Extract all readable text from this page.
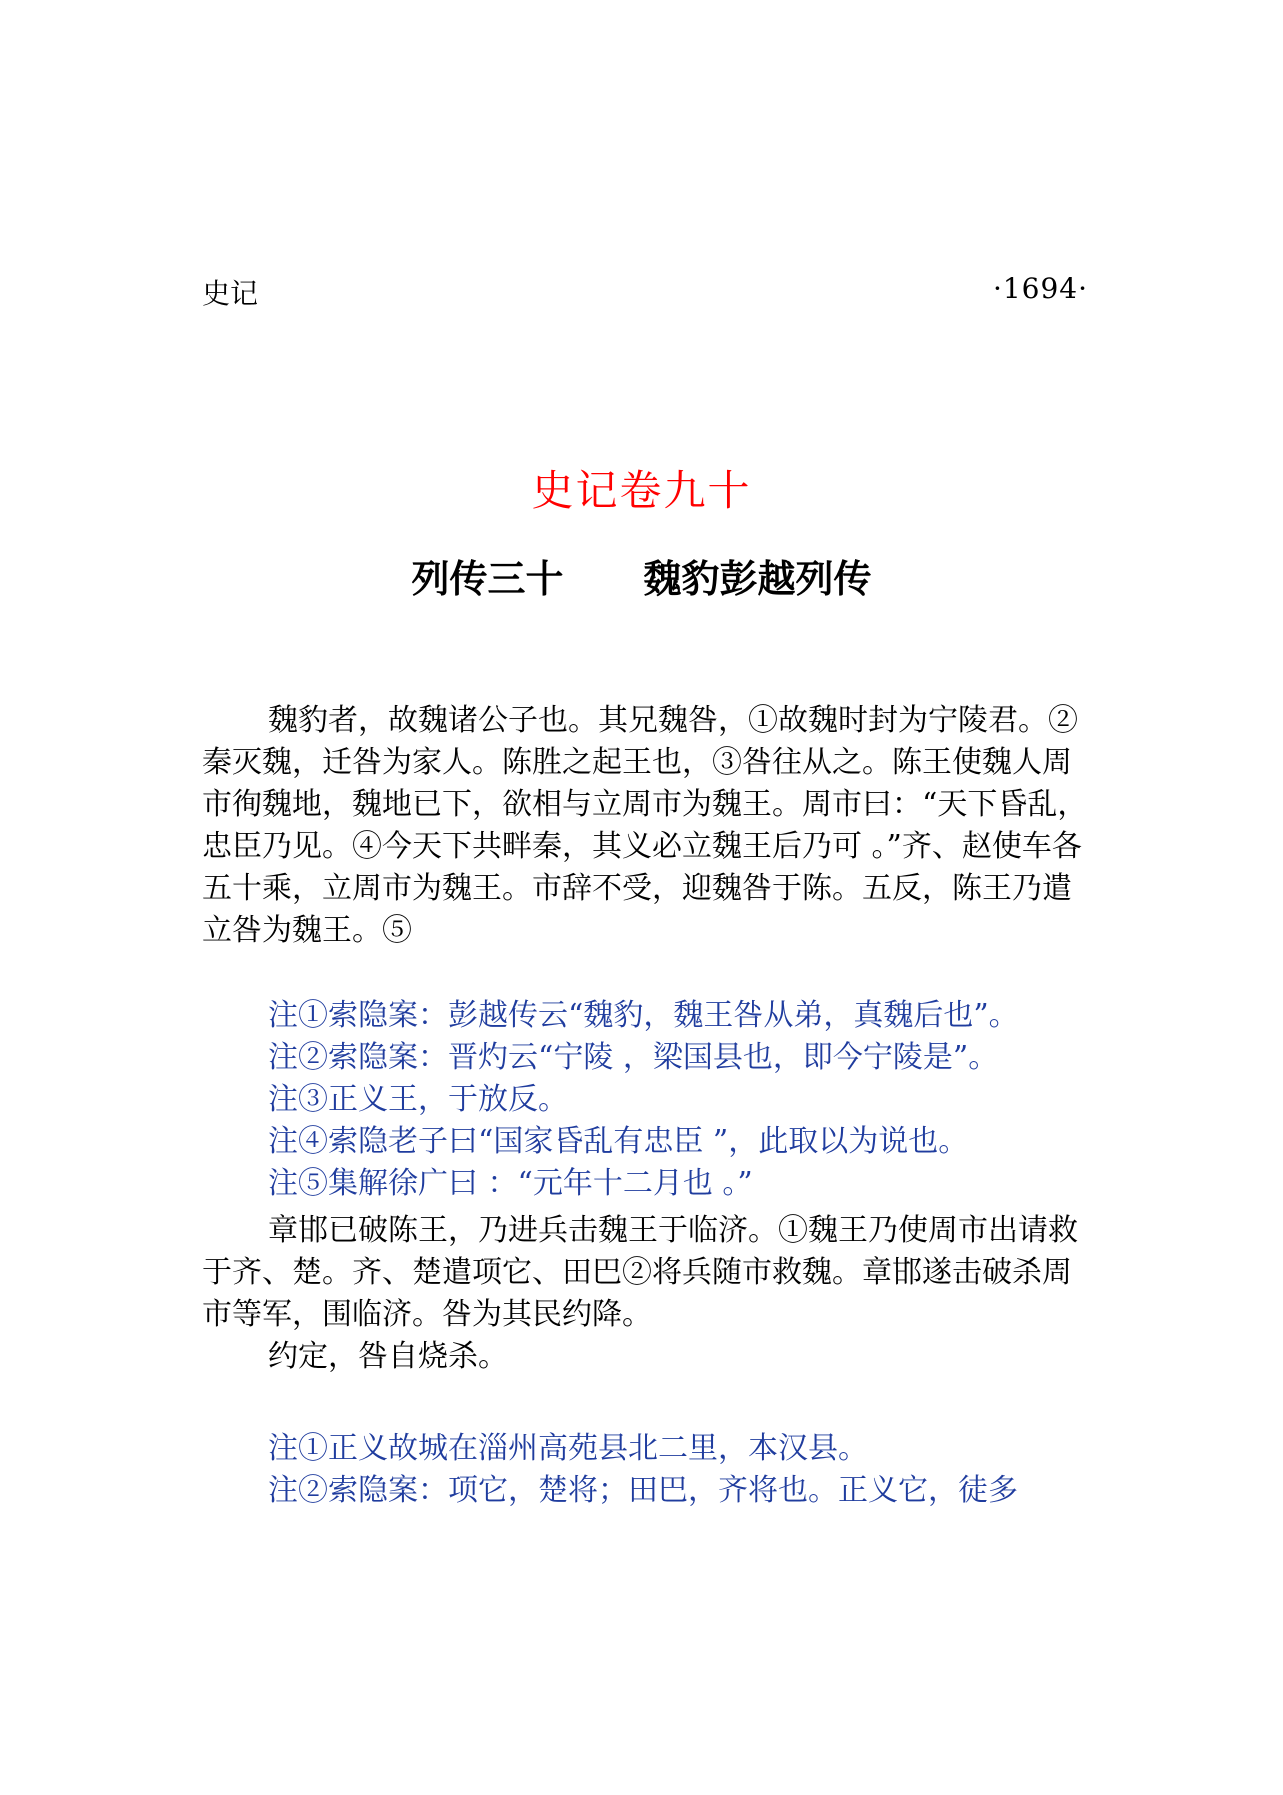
史记	·1694·
史记卷九十
列传三十 魏豹彭越列传

魏豹者，故魏诸公子也。其兄魏咎，①故魏时封为宁陵君。②秦灭魏，迁咎为家人。陈胜之起王也，③咎往从之。陈王使魏人周市徇魏地，魏地已下，欲相与立周市为魏王。周市曰：“天下昏乱，忠臣乃见。④今天下共畔秦，其义必立魏王后乃可 。”齐、赵使车各五十乘，立周市为魏王。市辞不受，迎魏咎于陈。五反，陈王乃遣立咎为魏王。⑤

注①索隐案：彭越传云“魏豹，魏王咎从弟，真魏后也”。

注②索隐案：晋灼云“宁陵 ，梁国县也，即今宁陵是”。

注③正义王，于放反。

注④索隐老子曰“国家昏乱有忠臣 ”，此取以为说也。

注⑤集解徐广曰 ：“元年十二月也 。”

章邯已破陈王，乃进兵击魏王于临济。①魏王乃使周市出请救于齐、楚。齐、楚遣项它、田巴②将兵随市救魏。章邯遂击破杀周市等军，围临济。咎为其民约降。

约定，咎自烧杀。

注①正义故城在淄州高苑县北二里，本汉县。

注②索隐案：项它，楚将；田巴，齐将也。正义它，徒多
